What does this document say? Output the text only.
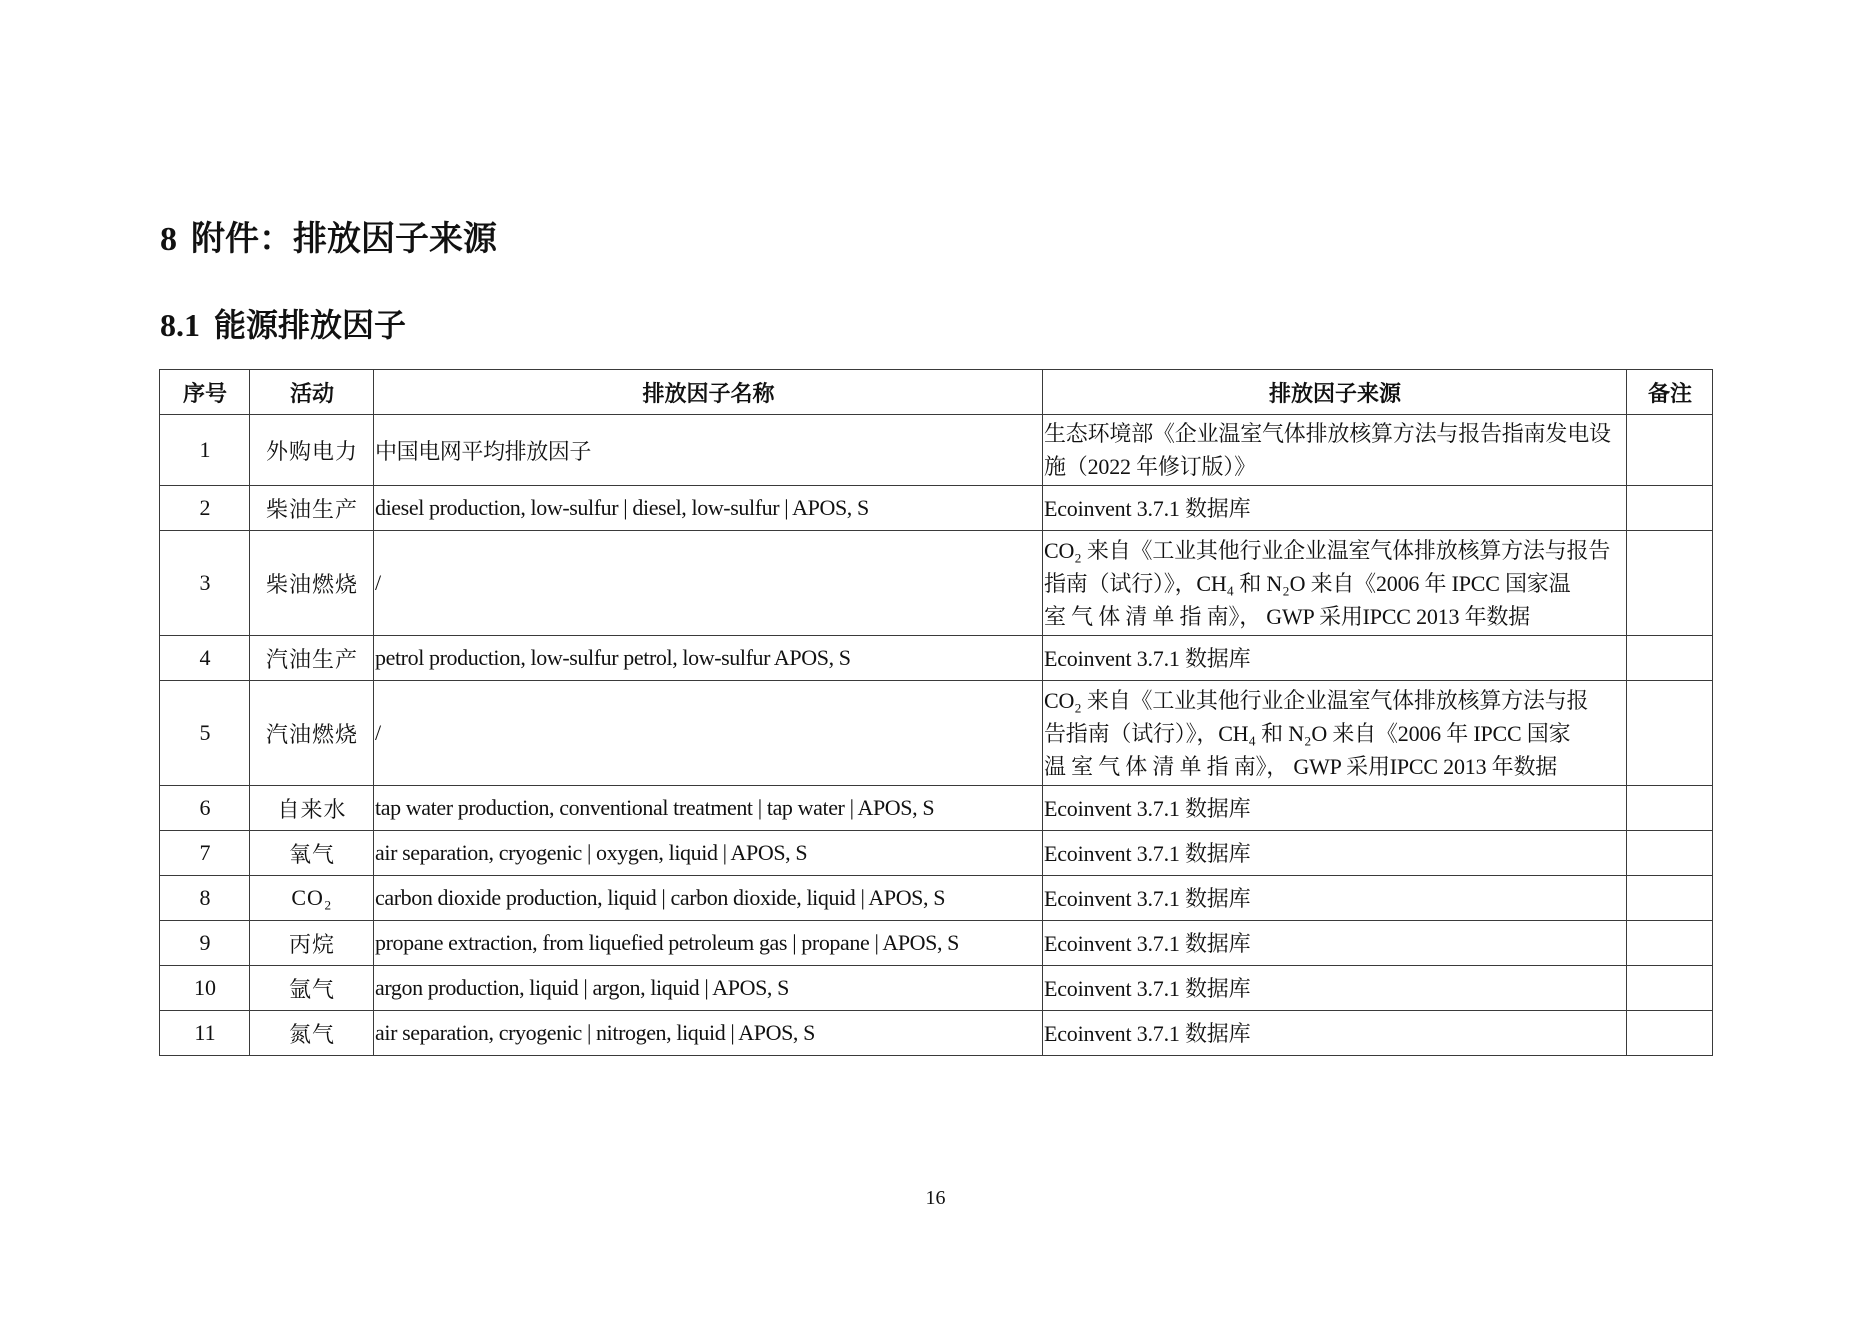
8 附件：排放因子来源
8.1 能源排放因子
序号	活动	排放因子名称	排放因子来源	备注
1	外购电力	中国电网平均排放因子	生态环境部《企业温室气体排放核算方法与报告指南发电设
施（2022 年修订版）》	

2	柴油生产	diesel production, low-sulfur | diesel, low-sulfur | APOS, S	Ecoinvent 3.7.1 数据库	

3	柴油燃烧	/	CO₂ 来自《工业其他行业企业温室气体排放核算方法与报告
指南（试行）》，CH₄ 和 N₂O 来自《2006 年 IPCC 国家温
室 气 体 清 单 指 南》， GWP 采用IPCC 2013 年数据	

4	汽油生产	petrol production, low-sulfur petrol, low-sulfur APOS, S	Ecoinvent 3.7.1 数据库	

5	汽油燃烧	/	CO₂ 来自《工业其他行业企业温室气体排放核算方法与报
告指南（试行）》，CH₄ 和 N₂O 来自《2006 年 IPCC 国家
温 室 气 体 清 单 指 南》， GWP 采用IPCC 2013 年数据	

6	自来水	tap water production, conventional treatment | tap water | APOS, S	Ecoinvent 3.7.1 数据库	

7	氧气	air separation, cryogenic | oxygen, liquid | APOS, S	Ecoinvent 3.7.1 数据库	

8	CO₂	carbon dioxide production, liquid | carbon dioxide, liquid | APOS, S	Ecoinvent 3.7.1 数据库	

9	丙烷	propane extraction, from liquefied petroleum gas | propane | APOS, S	Ecoinvent 3.7.1 数据库	

10	氩气	argon production, liquid | argon, liquid | APOS, S	Ecoinvent 3.7.1 数据库	

11	氮气	air separation, cryogenic | nitrogen, liquid | APOS, S	Ecoinvent 3.7.1 数据库	

16
